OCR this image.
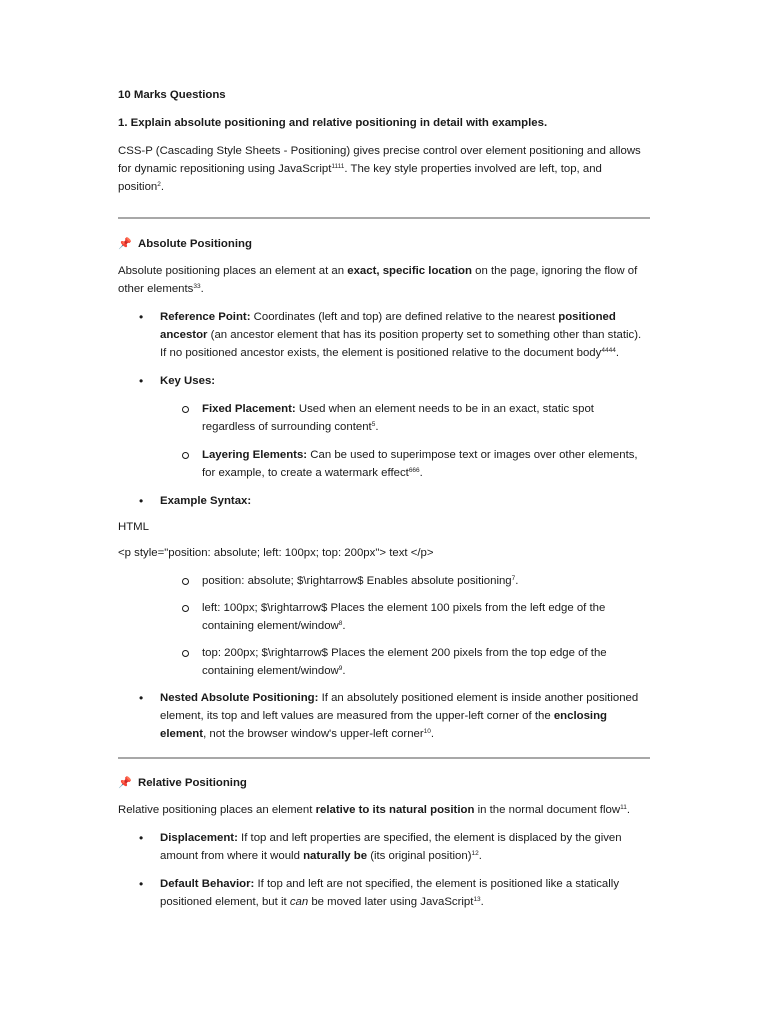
10 Marks Questions

1. Explain absolute positioning and relative positioning in detail with examples.

CSS-P (Cascading Style Sheets - Positioning) gives precise control over element positioning and allows for dynamic repositioning using JavaScript$^{1111}$. The key style properties involved are left, top, and position$^2$.

📌 Absolute Positioning

Absolute positioning places an element at an exact, specific location on the page, ignoring the flow of other elements$^{33}$.

• Reference Point: Coordinates (left and top) are defined relative to the nearest positioned ancestor (an ancestor element that has its position property set to something other than static). If no positioned ancestor exists, the element is positioned relative to the document body$^{4444}$.
• Key Uses:
Fixed Placement: Used when an element needs to be in an exact, static spot regardless of surrounding content$^5$.
Layering Elements: Can be used to superimpose text or images over other elements, for example, to create a watermark effect$^{666}$.
• Example Syntax:

HTML

<p style="position: absolute; left: 100px; top: 200px"> text </p>

position: absolute; $\rightarrow$ Enables absolute positioning$^7$.
left: 100px; $\rightarrow$ Places the element 100 pixels from the left edge of the containing element/window$^8$.
top: 200px; $\rightarrow$ Places the element 200 pixels from the top edge of the containing element/window$^9$.
• Nested Absolute Positioning: If an absolutely positioned element is inside another positioned element, its top and left values are measured from the upper-left corner of the enclosing element, not the browser window's upper-left corner$^{10}$.

📌 Relative Positioning

Relative positioning places an element relative to its natural position in the normal document flow$^{11}$.

• Displacement: If top and left properties are specified, the element is displaced by the given amount from where it would naturally be (its original position)$^{12}$.
• Default Behavior: If top and left are not specified, the element is positioned like a statically positioned element, but it can be moved later using JavaScript$^{13}$.
